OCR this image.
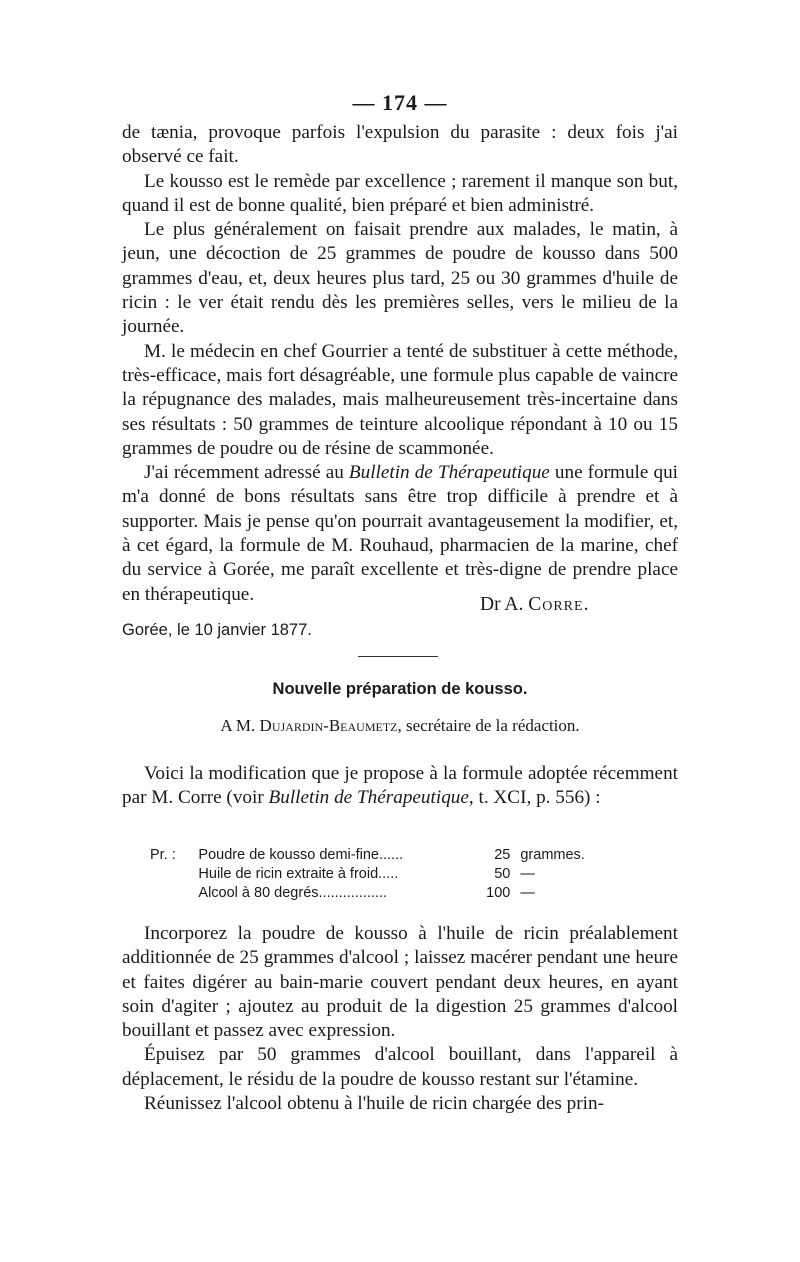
— 174 —

de tænia, provoque parfois l'expulsion du parasite : deux fois j'ai observé ce fait.

Le kousso est le remède par excellence ; rarement il manque son but, quand il est de bonne qualité, bien préparé et bien administré.

Le plus généralement on faisait prendre aux malades, le matin, à jeun, une décoction de 25 grammes de poudre de kousso dans 500 grammes d'eau, et, deux heures plus tard, 25 ou 30 grammes d'huile de ricin : le ver était rendu dès les premières selles, vers le milieu de la journée.

M. le médecin en chef Gourrier a tenté de substituer à cette méthode, très-efficace, mais fort désagréable, une formule plus capable de vaincre la répugnance des malades, mais malheureusement très-incertaine dans ses résultats : 50 grammes de teinture alcoolique répondant à 10 ou 15 grammes de poudre ou de résine de scammonée.

J'ai récemment adressé au Bulletin de Thérapeutique une formule qui m'a donné de bons résultats sans être trop difficile à prendre et à supporter. Mais je pense qu'on pourrait avantageusement la modifier, et, à cet égard, la formule de M. Rouhaud, pharmacien de la marine, chef du service à Gorée, me paraît excellente et très-digne de prendre place en thérapeutique.	Dr A. Corre.
Gorée, le 10 janvier 1877.
Nouvelle préparation de kousso.
A M. Dujardin-Beaumetz, secrétaire de la rédaction.

Voici la modification que je propose à la formule adoptée récemment par M. Corre (voir Bulletin de Thérapeutique, t. XCI, p. 556) :

Pr. :	Poudre de kousso demi-fine......	25 grammes.
Huile de ricin extraite à froid.....	50 —
Alcool à 80 degrés.................	100 —

Incorporez la poudre de kousso à l'huile de ricin préalablement additionnée de 25 grammes d'alcool ; laissez macérer pendant une heure et faites digérer au bain-marie couvert pendant deux heures, en ayant soin d'agiter ; ajoutez au produit de la digestion 25 grammes d'alcool bouillant et passez avec expression.

Épuisez par 50 grammes d'alcool bouillant, dans l'appareil à déplacement, le résidu de la poudre de kousso restant sur l'étamine.

Réunissez l'alcool obtenu à l'huile de ricin chargée des prin-
